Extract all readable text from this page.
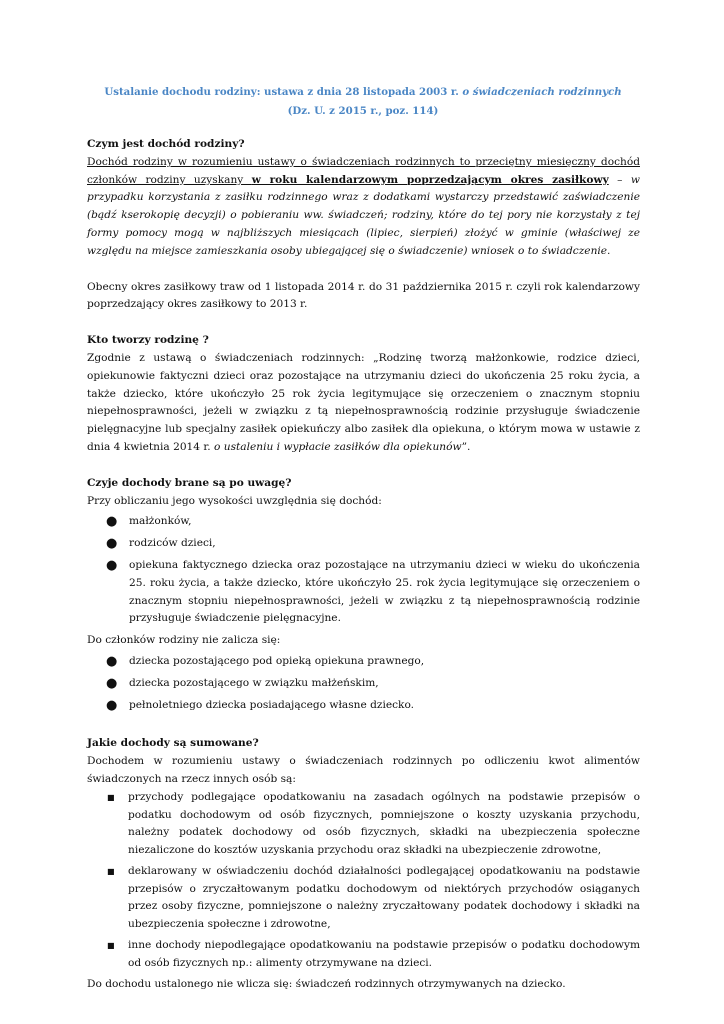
Ustalanie dochodu rodziny: ustawa z dnia 28 listopada 2003 r. o świadczeniach rodzinnych
(Dz. U. z 2015 r., poz. 114)

Czym jest dochód rodziny?

Dochód rodziny w rozumieniu ustawy o świadczeniach rodzinnych to przeciętny miesięczny dochód członków rodziny uzyskany w roku kalendarzowym poprzedzającym okres zasiłkowy – w przypadku korzystania z zasiłku rodzinnego wraz z dodatkami wystarczy przedstawić zaświadczenie (bądź kserokopię decyzji) o pobieraniu ww. świadczeń; rodziny, które do tej pory nie korzystały z tej formy pomocy mogą w najbliższych miesiącach (lipiec, sierpień) złożyć w gminie (właściwej ze względu na miejsce zamieszkania osoby ubiegającej się o świadczenie) wniosek o to świadczenie.

Obecny okres zasiłkowy traw od 1 listopada 2014 r. do 31 października 2015 r. czyli rok kalendarzowy poprzedzający okres zasiłkowy to 2013 r.

Kto tworzy rodzinę ?

Zgodnie z ustawą o świadczeniach rodzinnych: „Rodzinę tworzą małżonkowie, rodzice dzieci, opiekunowie faktyczni dzieci oraz pozostające na utrzymaniu dzieci do ukończenia 25 roku życia, a także dziecko, które ukończyło 25 rok życia legitymujące się orzeczeniem o znacznym stopniu niepełnosprawności, jeżeli w związku z tą niepełnosprawnością rodzinie przysługuje świadczenie pielęgnacyjne lub specjalny zasiłek opiekuńczy albo zasiłek dla opiekuna, o którym mowa w ustawie z dnia 4 kwietnia 2014 r. o ustaleniu i wypłacie zasiłków dla opiekunów”.

Czyje dochody brane są po uwagę?

Przy obliczaniu jego wysokości uwzględnia się dochód:

● małżonków,
● rodziców dzieci,
● opiekuna faktycznego dziecka oraz pozostające na utrzymaniu dzieci w wieku do ukończenia 25. roku życia, a także dziecko, które ukończyło 25. rok życia legitymujące się orzeczeniem o znacznym stopniu niepełnosprawności, jeżeli w związku z tą niepełnosprawnością rodzinie przysługuje świadczenie pielęgnacyjne.

Do członków rodziny nie zalicza się:

● dziecka pozostającego pod opieką opiekuna prawnego,
● dziecka pozostającego w związku małżeńskim,
● pełnoletniego dziecka posiadającego własne dziecko.

Jakie dochody są sumowane?

Dochodem w rozumieniu ustawy o świadczeniach rodzinnych po odliczeniu kwot alimentów świadczonych na rzecz innych osób są:

■ przychody podlegające opodatkowaniu na zasadach ogólnych na podstawie przepisów o podatku dochodowym od osób fizycznych, pomniejszone o koszty uzyskania przychodu, należny podatek dochodowy od osób fizycznych, składki na ubezpieczenia społeczne niezaliczone do kosztów uzyskania przychodu oraz składki na ubezpieczenie zdrowotne,
■ deklarowany w oświadczeniu dochód działalności podlegającej opodatkowaniu na podstawie przepisów o zryczałtowanym podatku dochodowym od niektórych przychodów osiąganych przez osoby fizyczne, pomniejszone o należny zryczałtowany podatek dochodowy i składki na ubezpieczenia społeczne i zdrowotne,
■ inne dochody niepodlegające opodatkowaniu na podstawie przepisów o podatku dochodowym od osób fizycznych np.: alimenty otrzymywane na dzieci.

Do dochodu ustalonego nie wlicza się: świadczeń rodzinnych otrzymywanych na dziecko.
